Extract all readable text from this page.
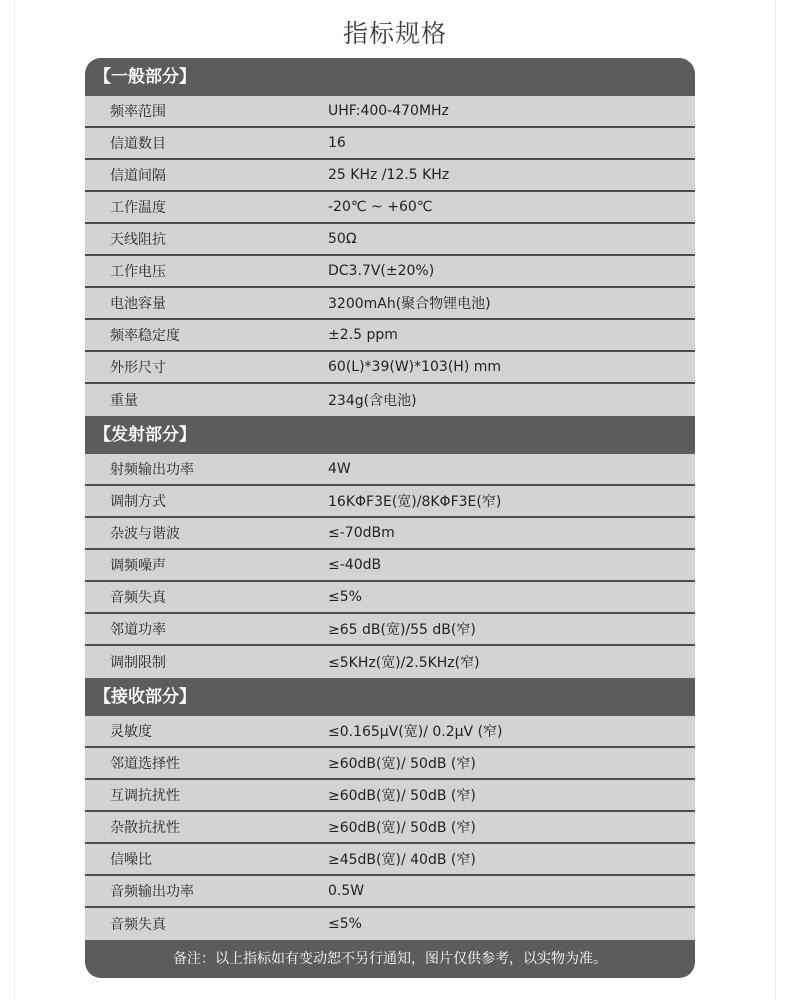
指标规格
【一般部分】
频率范围	UHF:400-470MHz
信道数目	16
信道间隔	25 KHz /12.5 KHz
工作温度	-20℃ ~ +60℃
天线阻抗	50Ω
工作电压	DC3.7V(±20%)
电池容量	3200mAh(聚合物锂电池)
频率稳定度	±2.5 ppm
外形尺寸	60(L)*39(W)*103(H) mm
重量	234g(含电池)
【发射部分】
射频输出功率	4W
调制方式	16KΦF3E(宽)/8KΦF3E(窄)
杂波与谐波	≤-70dBm
调频噪声	≤-40dB
音频失真	≤5%
邻道功率	≥65 dB(宽)/55 dB(窄)
调制限制	≤5KHz(宽)/2.5KHz(窄)
【接收部分】
灵敏度	≤0.165μV(宽)/ 0.2μV (窄)
邻道选择性	≥60dB(宽)/ 50dB (窄)
互调抗扰性	≥60dB(宽)/ 50dB (窄)
杂散抗扰性	≥60dB(宽)/ 50dB (窄)
信噪比	≥45dB(宽)/ 40dB (窄)
音频输出功率	0.5W
音频失真	≤5%
备注：以上指标如有变动恕不另行通知，图片仅供参考，以实物为准。
